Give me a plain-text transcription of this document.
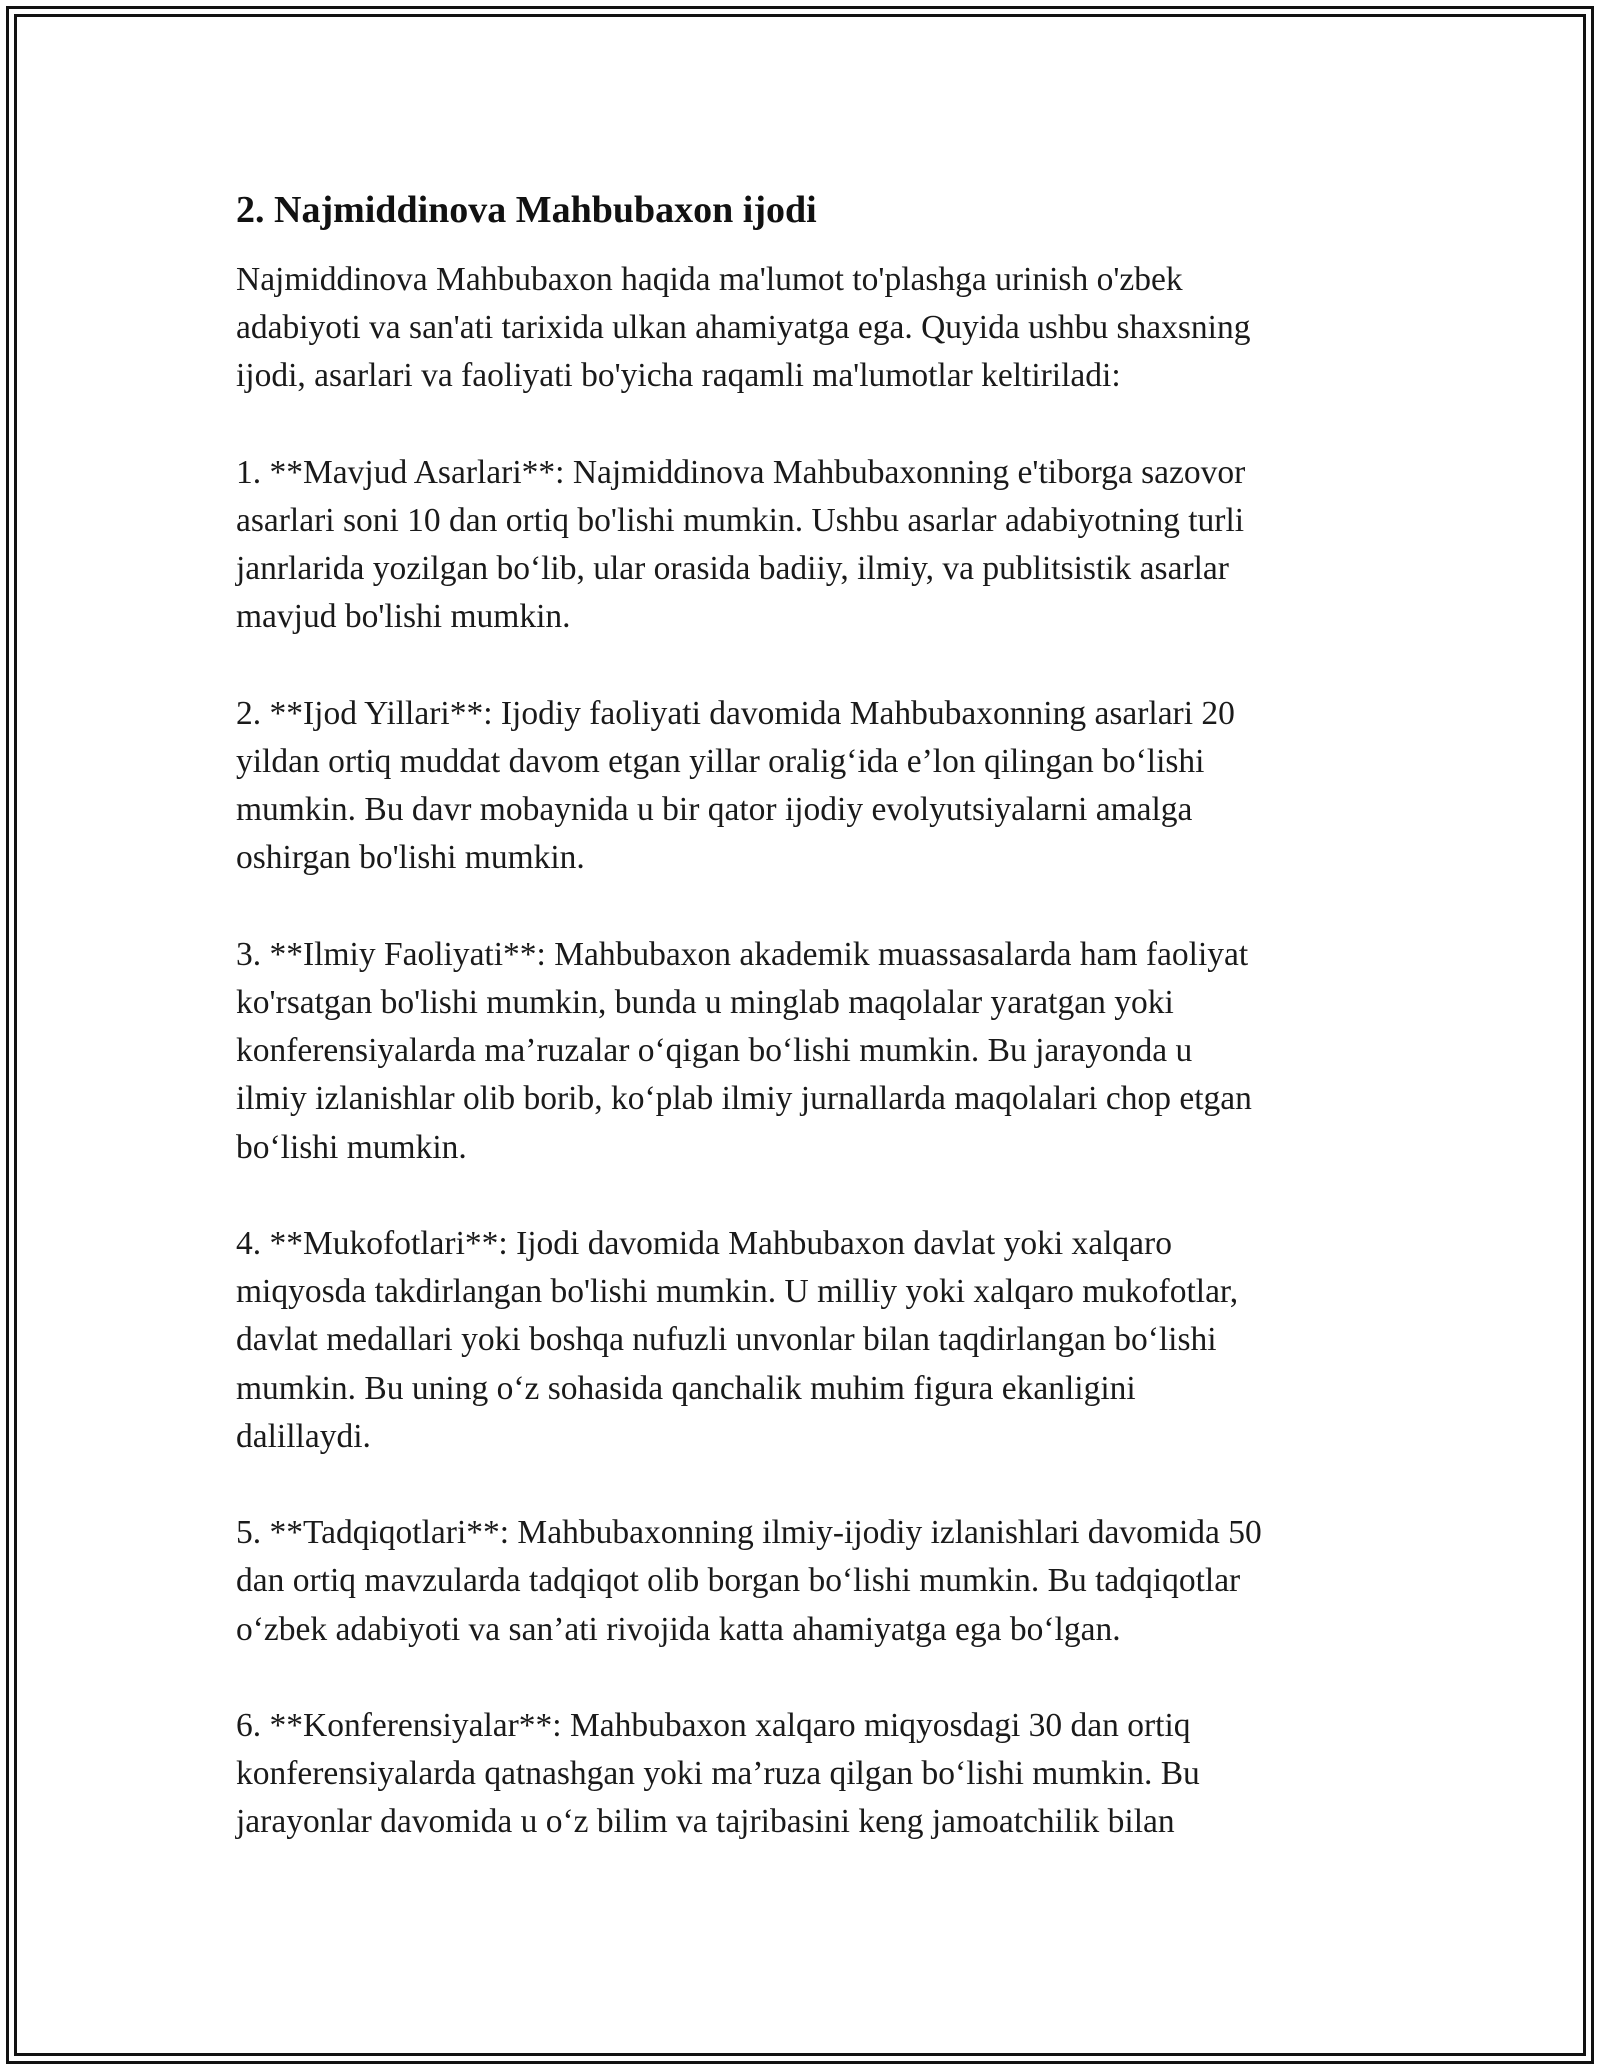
2. Najmiddinova Mahbubaxon ijodi

Najmiddinova Mahbubaxon haqida ma'lumot to'plashga urinish o'zbek
adabiyoti va san'ati tarixida ulkan ahamiyatga ega. Quyida ushbu shaxsning
ijodi, asarlari va faoliyati bo'yicha raqamli ma'lumotlar keltiriladi:

1. **Mavjud Asarlari**: Najmiddinova Mahbubaxonning e'tiborga sazovor
asarlari soni 10 dan ortiq bo'lishi mumkin. Ushbu asarlar adabiyotning turli
janrlarida yozilgan bo‘lib, ular orasida badiiy, ilmiy, va publitsistik asarlar
mavjud bo'lishi mumkin.

2. **Ijod Yillari**: Ijodiy faoliyati davomida Mahbubaxonning asarlari 20
yildan ortiq muddat davom etgan yillar oralig‘ida e’lon qilingan bo‘lishi
mumkin. Bu davr mobaynida u bir qator ijodiy evolyutsiyalarni amalga
oshirgan bo'lishi mumkin.

3. **Ilmiy Faoliyati**: Mahbubaxon akademik muassasalarda ham faoliyat
ko'rsatgan bo'lishi mumkin, bunda u minglab maqolalar yaratgan yoki
konferensiyalarda ma’ruzalar o‘qigan bo‘lishi mumkin. Bu jarayonda u
ilmiy izlanishlar olib borib, ko‘plab ilmiy jurnallarda maqolalari chop etgan
bo‘lishi mumkin.

4. **Mukofotlari**: Ijodi davomida Mahbubaxon davlat yoki xalqaro
miqyosda takdirlangan bo'lishi mumkin. U milliy yoki xalqaro mukofotlar,
davlat medallari yoki boshqa nufuzli unvonlar bilan taqdirlangan bo‘lishi
mumkin. Bu uning o‘z sohasida qanchalik muhim figura ekanligini
dalillaydi.

5. **Tadqiqotlari**: Mahbubaxonning ilmiy-ijodiy izlanishlari davomida 50
dan ortiq mavzularda tadqiqot olib borgan bo‘lishi mumkin. Bu tadqiqotlar
o‘zbek adabiyoti va san’ati rivojida katta ahamiyatga ega bo‘lgan.

6. **Konferensiyalar**: Mahbubaxon xalqaro miqyosdagi 30 dan ortiq
konferensiyalarda qatnashgan yoki ma’ruza qilgan bo‘lishi mumkin. Bu
jarayonlar davomida u o‘z bilim va tajribasini keng jamoatchilik bilan
